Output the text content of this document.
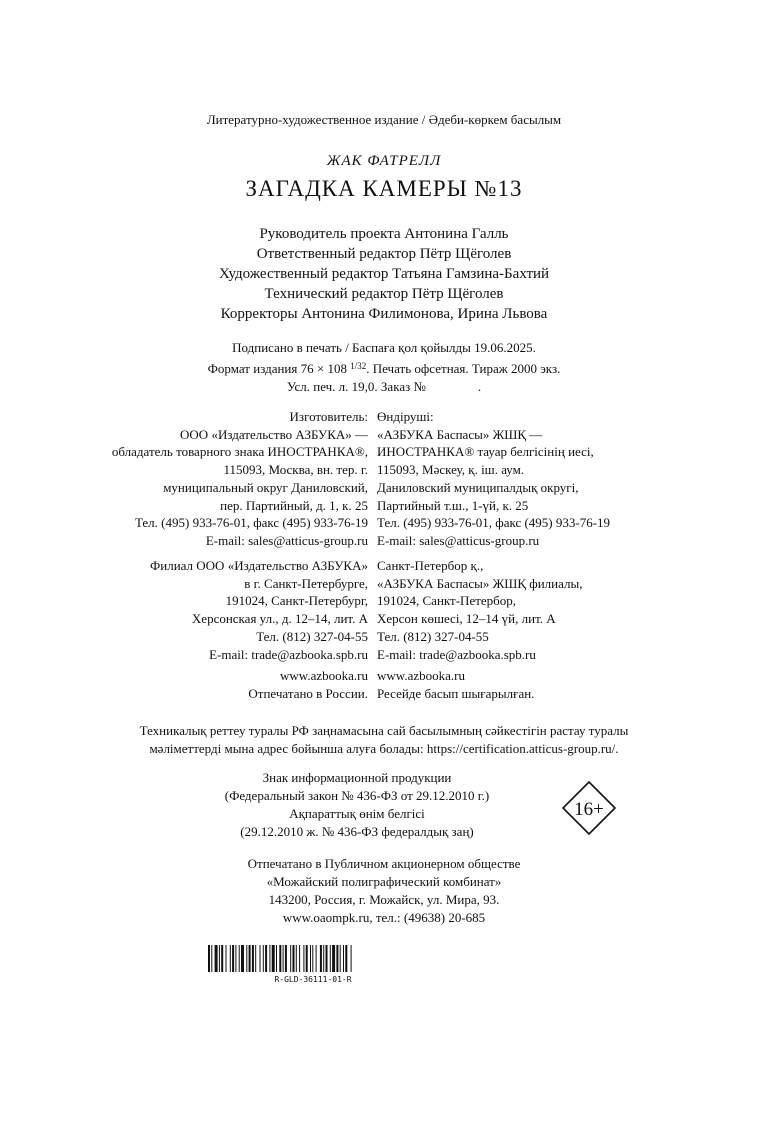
Литературно-художественное издание / Әдеби-көркем басылым
ЖАК ФАТРЕЛЛ
ЗАГАДКА КАМЕРЫ №13
Руководитель проекта Антонина Галль
Ответственный редактор Пётр Щёголев
Художественный редактор Татьяна Гамзина-Бахтий
Технический редактор Пётр Щёголев
Корректоры Антонина Филимонова, Ирина Львова
Подписано в печать / Баспаға қол қойылды 19.06.2025.
Формат издания 76 × 108 $^{1/32}$. Печать офсетная. Тираж 2000 экз.
Усл. печ. л. 19,0. Заказ №                .
Изготовитель:
ООО «Издательство АЗБУКА» —
обладатель товарного знака ИНОСТРАНКА®,
115093, Москва, вн. тер. г.
муниципальный округ Даниловский,
пер. Партийный, д. 1, к. 25
Тел. (495) 933-76-01, факс (495) 933-76-19
E-mail: sales@atticus-group.ru
Өндіруші:
«АЗБУКА Баспасы» ЖШҚ —
ИНОСТРАНКА® тауар белгісінің иесі,
115093, Мәскеу, қ. іш. аум.
Даниловский муниципалдық округі,
Партийный т.ш., 1-үй, к. 25
Тел. (495) 933-76-01, факс (495) 933-76-19
E-mail: sales@atticus-group.ru
Филиал ООО «Издательство АЗБУКА»
в г. Санкт-Петербурге,
191024, Санкт-Петербург,
Херсонская ул., д. 12–14, лит. А
Тел. (812) 327-04-55
E-mail: trade@azbooka.spb.ru
Санкт-Петербор қ.,
«АЗБУКА Баспасы» ЖШҚ филиалы,
191024, Санкт-Петербор,
Херсон көшесі, 12–14 үй, лит. А
Тел. (812) 327-04-55
E-mail: trade@azbooka.spb.ru
www.azbooka.ru
Отпечатано в России.
www.azbooka.ru
Ресейде басып шығарылған.
Техникалық реттеу туралы РФ заңнамасына сай басылымның сәйкестігін растау туралы
мәліметтерді мына адрес бойынша алуға болады: https://certification.atticus-group.ru/.
Знак информационной продукции
(Федеральный закон № 436-ФЗ от 29.12.2010 г.)
Ақпараттық өнім белгісі
(29.12.2010 ж. № 436-ФЗ федералдық заң)
16+
Отпечатано в Публичном акционерном обществе
«Можайский полиграфический комбинат»
143200, Россия, г. Можайск, ул. Мира, 93.
www.oaompk.ru, тел.: (49638) 20-685
R-GLD-36111-01-R
